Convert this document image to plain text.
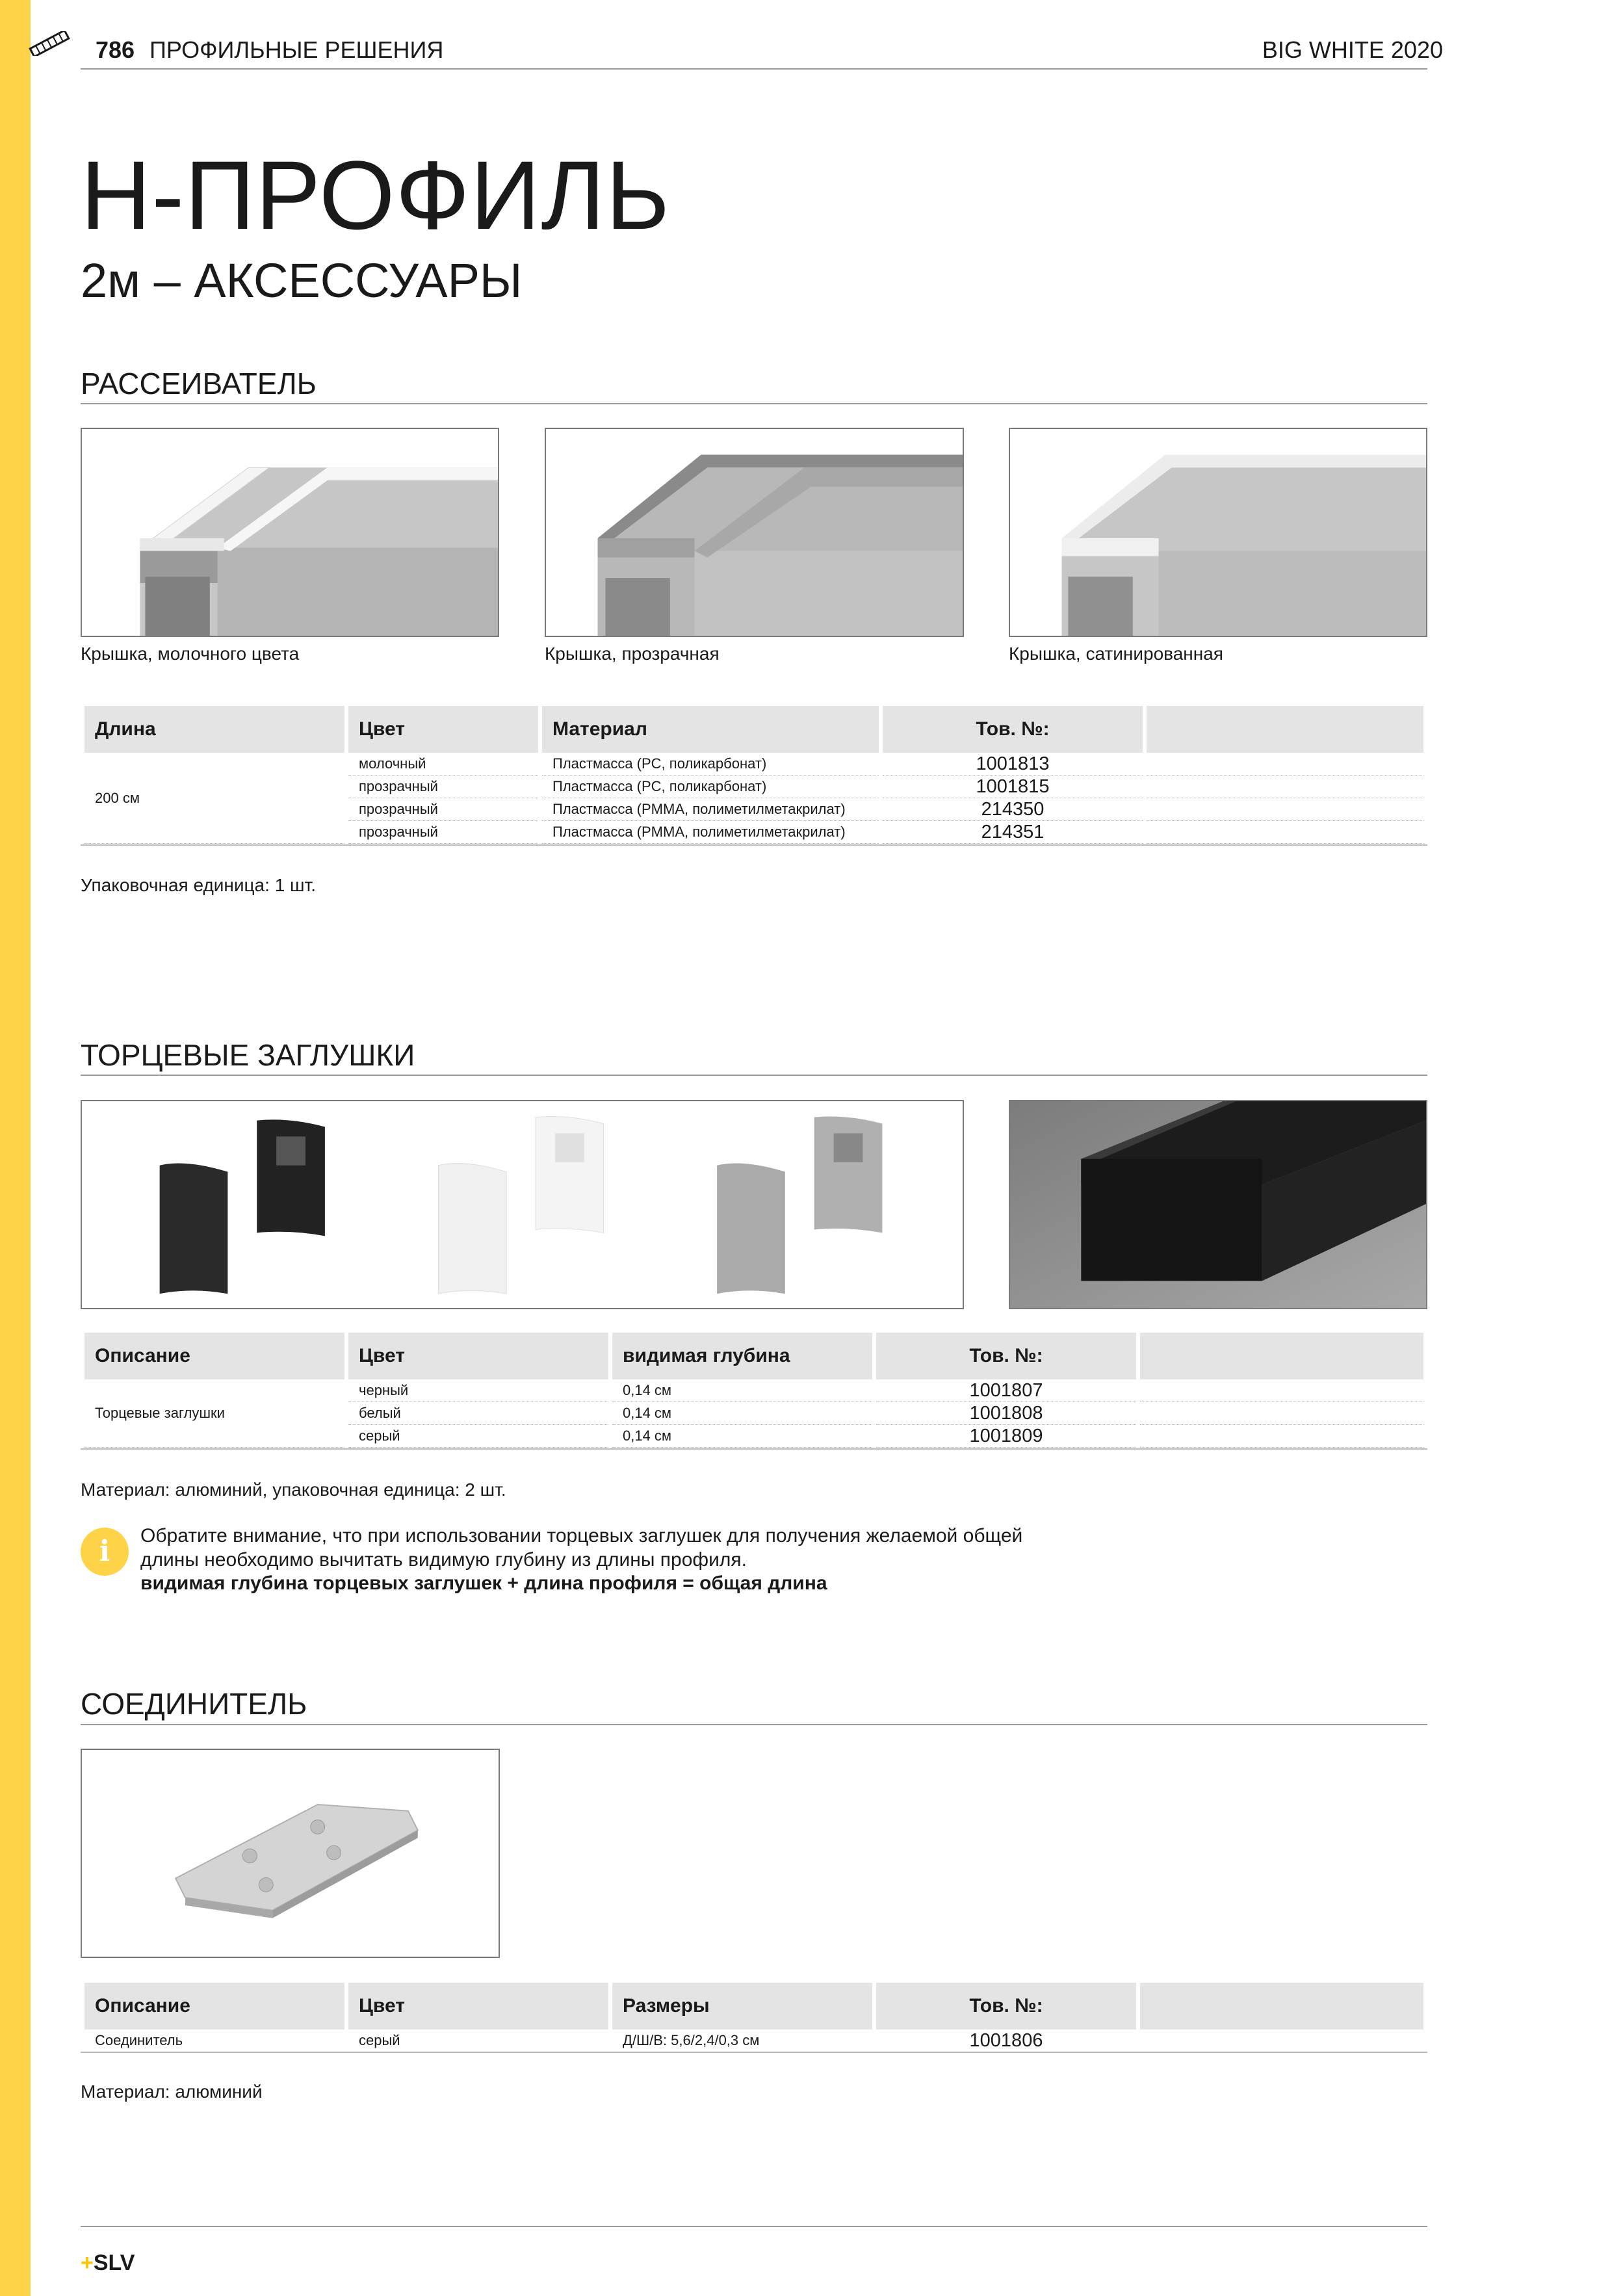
786 ПРОФИЛЬНЫЕ РЕШЕНИЯ	BIG WHITE 2020
H-ПРОФИЛЬ
2м – АКСЕССУАРЫ
РАССЕИВАТЕЛЬ
Крышка, молочного цвета	Крышка, прозрачная	Крышка, сатинированная
Длина	Цвет	Материал	Тов. №:	
200 см	молочный	Пластмасса (PC, поликарбонат)	1001813	
	прозрачный	Пластмасса (PC, поликарбонат)	1001815	
	прозрачный	Пластмасса (PMMA, полиметилметакрилат)	214350	
	прозрачный	Пластмасса (PMMA, полиметилметакрилат)	214351	
Упаковочная единица: 1 шт.
ТОРЦЕВЫЕ ЗАГЛУШКИ
Описание	Цвет	видимая глубина	Тов. №:	
Торцевые заглушки	черный	0,14 см	1001807	
	белый	0,14 см	1001808	
	серый	0,14 см	1001809	
Материал: алюминий, упаковочная единица: 2 шт.
i	Обратите внимание, что при использовании торцевых заглушек для получения желаемой общей
длины необходимо вычитать видимую глубину из длины профиля.
видимая глубина торцевых заглушек + длина профиля = общая длина
СОЕДИНИТЕЛЬ
Описание	Цвет	Размеры	Тов. №:	
Соединитель	серый	Д/Ш/В: 5,6/2,4/0,3 см	1001806	
Материал: алюминий
+SLV
